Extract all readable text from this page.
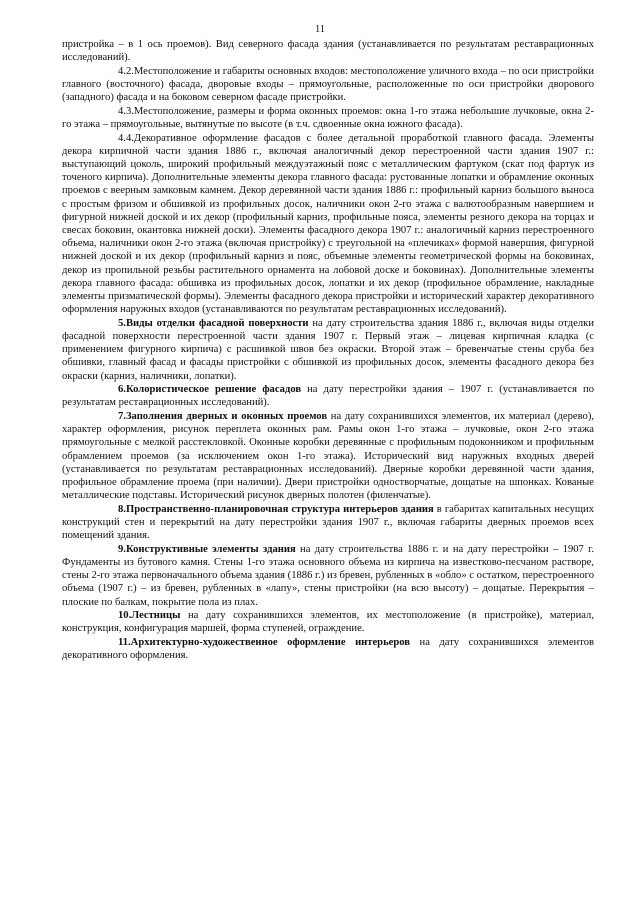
11

пристройка – в 1 ось проемов). Вид северного фасада здания (устанавливается по результатам реставрационных исследований).

4.2.Местоположение и габариты основных входов: местоположение уличного входа – по оси пристройки главного (восточного) фасада, дворовые входы – прямоугольные, расположенные по оси пристройки дворового (западного) фасада и на боковом северном фасаде пристройки.

4.3.Местоположение, размеры и форма оконных проемов: окна 1-го этажа небольшие лучковые, окна 2-го этажа – прямоугольные, вытянутые по высоте (в т.ч. сдвоенные окна южного фасада).

4.4.Декоративное оформление фасадов с более детальной проработкой главного фасада. Элементы декора кирпичной части здания 1886 г., включая аналогичный декор перестроенной части здания 1907 г.: выступающий цоколь, широкий профильный междуэтажный пояс с металлическим фартуком (скат под фартук из точеного кирпича). Дополнительные элементы декора главного фасада: рустованные лопатки и обрамление оконных проемов с веерным замковым камнем. Декор деревянной части здания 1886 г.: профильный карниз большого выноса с простым фризом и обшивкой из профильных досок, наличники окон 2-го этажа с валютообразным навершием и фигурной нижней доской и их декор (профильный карниз, профильные пояса, элементы резного декора на торцах и свесах боковин, окантовка нижней доски). Элементы фасадного декора 1907 г.: аналогичный карниз перестроенного объема, наличники окон 2-го этажа (включая пристройку) с треугольной на «плечиках» формой навершия, фигурной нижней доской и их декор (профильный карниз и пояс, объемные элементы геометрической формы на боковинах, декор из пропильной резьбы растительного орнамента на лобовой доске и боковинах). Дополнительные элементы декора главного фасада: обшивка из профильных досок, лопатки и их декор (профильное обрамление, накладные элементы призматической формы). Элементы фасадного декора пристройки и исторический характер декоративного оформления наружных входов (устанавливаются по результатам реставрационных исследований).

5.Виды отделки фасадной поверхности на дату строительства здания 1886 г., включая виды отделки фасадной поверхности перестроенной части здания 1907 г. Первый этаж – лицевая кирпичная кладка (с применением фигурного кирпича) с расшивкой швов без окраски. Второй этаж – бревенчатые стены сруба без обшивки, главный фасад и фасады пристройки с обшивкой из профильных досок, элементы фасадного декора без окраски (карниз, наличники, лопатки).

6.Колористическое решение фасадов на дату перестройки здания – 1907 г. (устанавливается по результатам реставрационных исследований).

7.Заполнения дверных и оконных проемов на дату сохранившихся элементов, их материал (дерево), характер оформления, рисунок переплета оконных рам. Рамы окон 1-го этажа – лучковые, окон 2-го этажа прямоугольные с мелкой расстекловкой. Оконные коробки деревянные с профильным подоконником и профильным обрамлением проемов (за исключением окон 1-го этажа). Исторический вид наружных входных дверей (устанавливается по результатам реставрационных исследований). Дверные коробки деревянной части здания, профильное обрамление проема (при наличии). Двери пристройки одностворчатые, дощатые на шпонках. Кованые металлические подставы. Исторический рисунок дверных полотен (филенчатые).

8.Пространственно-планировочная структура интерьеров здания в габаритах капитальных несущих конструкций стен и перекрытий на дату перестройки здания 1907 г., включая габариты дверных проемов всех помещений здания.

9.Конструктивные элементы здания на дату строительства 1886 г. и на дату перестройки – 1907 г. Фундаменты из бутового камня. Стены 1-го этажа основного объема из кирпича на известково-песчаном растворе, стены 2-го этажа первоначального объема здания (1886 г.) из бревен, рубленных в «обло» с остатком, перестроенного объема (1907 г.) – из бревен, рубленных в «лапу», стены пристройки (на всю высоту) – дощатые. Перекрытия – плоские по балкам, покрытие пола из плах.

10.Лестницы на дату сохранившихся элементов, их местоположение (в пристройке), материал, конструкция, конфигурация маршей, форма ступеней, ограждение.

11.Архитектурно-художественное оформление интерьеров на дату сохранившихся элементов декоративного оформления.
